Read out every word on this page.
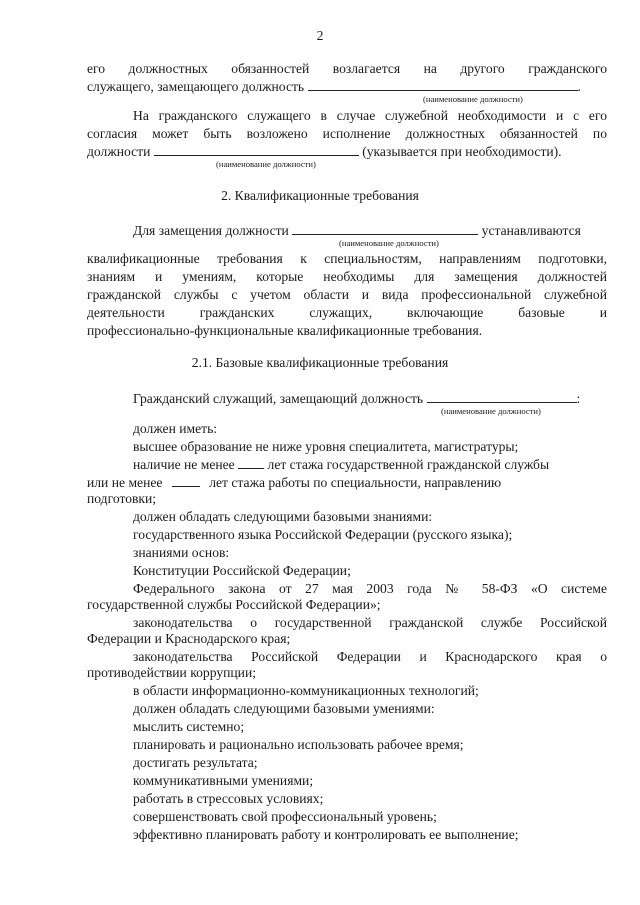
2
его должностных обязанностей возлагается на другого гражданского
служащего, замещающего должность	.
(наименование должности)
На гражданского служащего в случае служебной необходимости и с его
согласия может быть возложено исполнение должностных обязанностей по
должности	(указывается при необходимости).
(наименование должности)
2. Квалификационные требования
Для замещения должности	устанавливаются
(наименование должности)
квалификационные требования к специальностям, направлениям подготовки,
знаниям и умениям, которые необходимы для замещения должностей
гражданской службы с учетом области и вида профессиональной служебной
деятельности гражданских служащих, включающие базовые и
профессионально-функциональные квалификационные требования.
2.1. Базовые квалификационные требования
Гражданский служащий, замещающий должность	:
(наименование должности)
должен иметь:
высшее образование не ниже уровня специалитета, магистратуры;
наличие не менее лет стажа государственной гражданской службы
или не менее	лет стажа работы по специальности, направлению
подготовки;
должен обладать следующими базовыми знаниями:
государственного языка Российской Федерации (русского языка);
знаниями основ:
Конституции Российской Федерации;
Федерального закона от 27 мая 2003 года № 58-ФЗ «О системе
государственной службы Российской Федерации»;
законодательства о государственной гражданской службе Российской
Федерации и Краснодарского края;
законодательства Российской Федерации и Краснодарского края о
противодействии коррупции;
в области информационно-коммуникационных технологий;
должен обладать следующими базовыми умениями:
мыслить системно;
планировать и рационально использовать рабочее время;
достигать результата;
коммуникативными умениями;
работать в стрессовых условиях;
совершенствовать свой профессиональный уровень;
эффективно планировать работу и контролировать ее выполнение;
